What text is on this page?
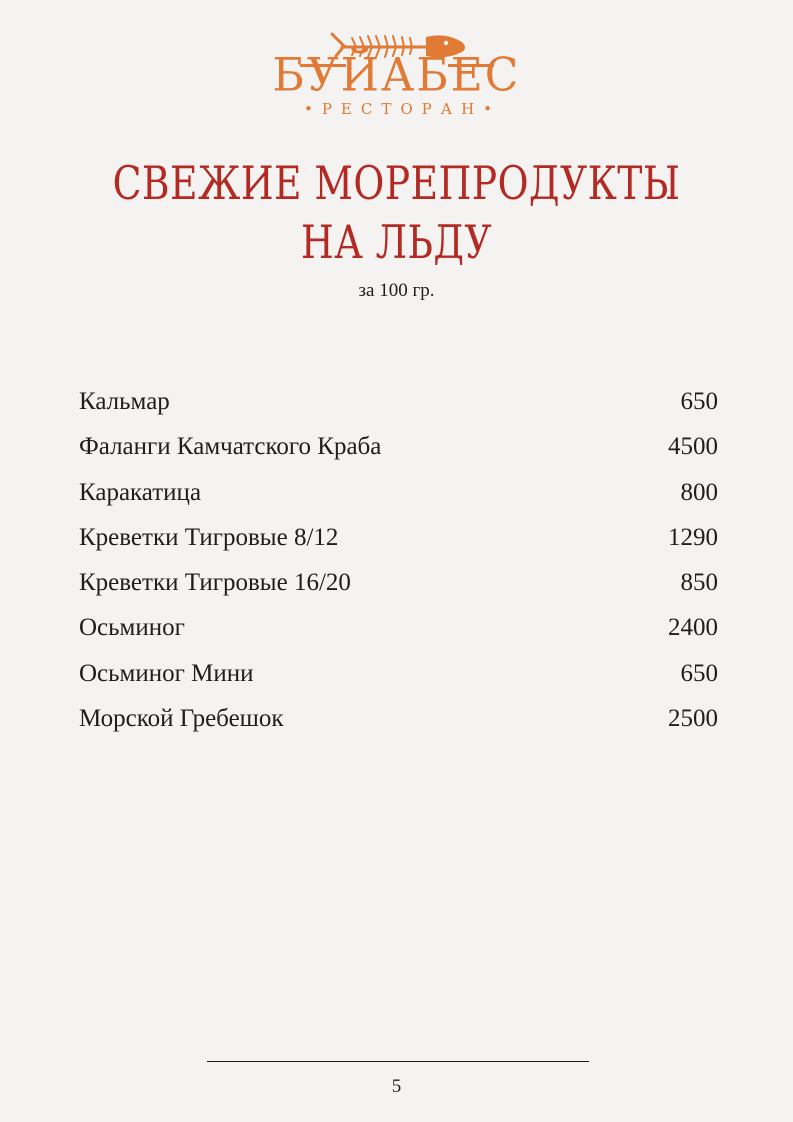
БУЙАБЕС
•РЕСТОРАН•
СВЕЖИЕ МОРЕПРОДУКТЫ
НА ЛЬДУ
за 100 гр.
Кальмар	650
Фаланги Камчатского Краба	4500
Каракатица	800
Креветки Тигровые 8/12	1290
Креветки Тигровые 16/20	850
Осьминог	2400
Осьминог Мини	650
Морской Гребешок	2500
5
